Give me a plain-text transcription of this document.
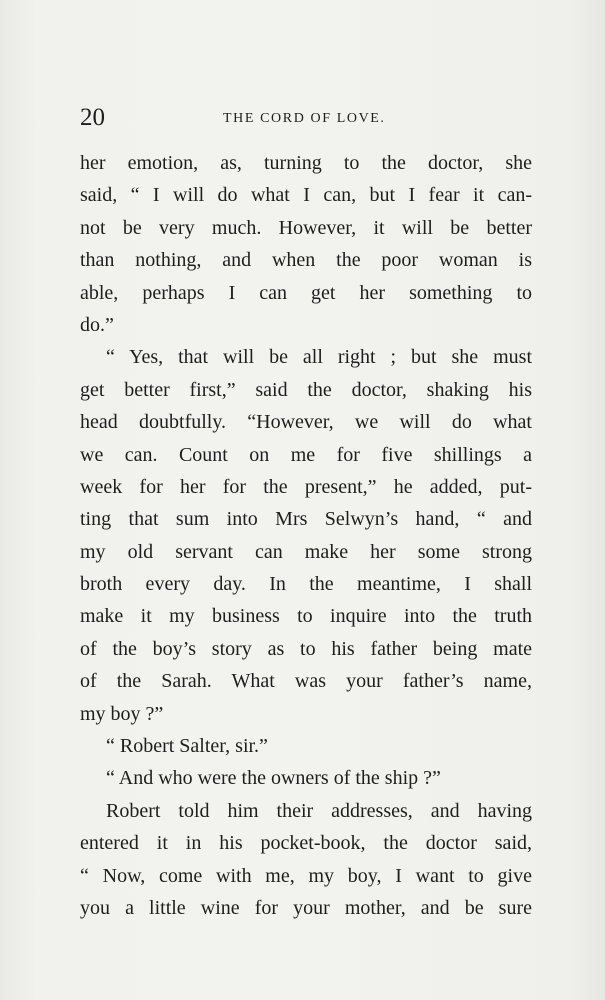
20	THE CORD OF LOVE.
her emotion, as, turning to the doctor, she
said, “ I will do what I can, but I fear it can-
not be very much. However, it will be better
than nothing, and when the poor woman is
able, perhaps I can get her something to
do.”
“ Yes, that will be all right ; but she must
get better first,” said the doctor, shaking his
head doubtfully. “However, we will do what
we can. Count on me for five shillings a
week for her for the present,” he added, put-
ting that sum into Mrs Selwyn’s hand, “ and
my old servant can make her some strong
broth every day. In the meantime, I shall
make it my business to inquire into the truth
of the boy’s story as to his father being mate
of the Sarah. What was your father’s name,
my boy ?”
“ Robert Salter, sir.”
“ And who were the owners of the ship ?”
Robert told him their addresses, and having
entered it in his pocket-book, the doctor said,
“ Now, come with me, my boy, I want to give
you a little wine for your mother, and be sure
